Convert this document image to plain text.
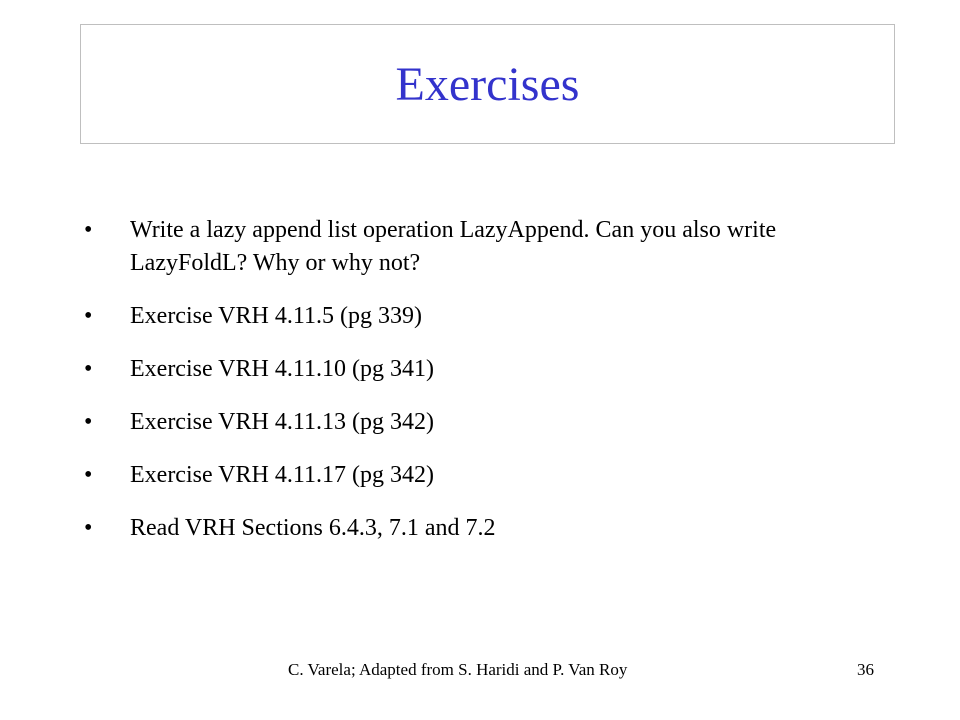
Exercises
• Write a lazy append list operation LazyAppend. Can you also write LazyFoldL? Why or why not?
• Exercise VRH 4.11.5 (pg 339)
• Exercise VRH 4.11.10 (pg 341)
• Exercise VRH 4.11.13 (pg 342)
• Exercise VRH 4.11.17 (pg 342)
• Read VRH Sections 6.4.3, 7.1 and 7.2
C. Varela; Adapted from S. Haridi and P. Van Roy	36
